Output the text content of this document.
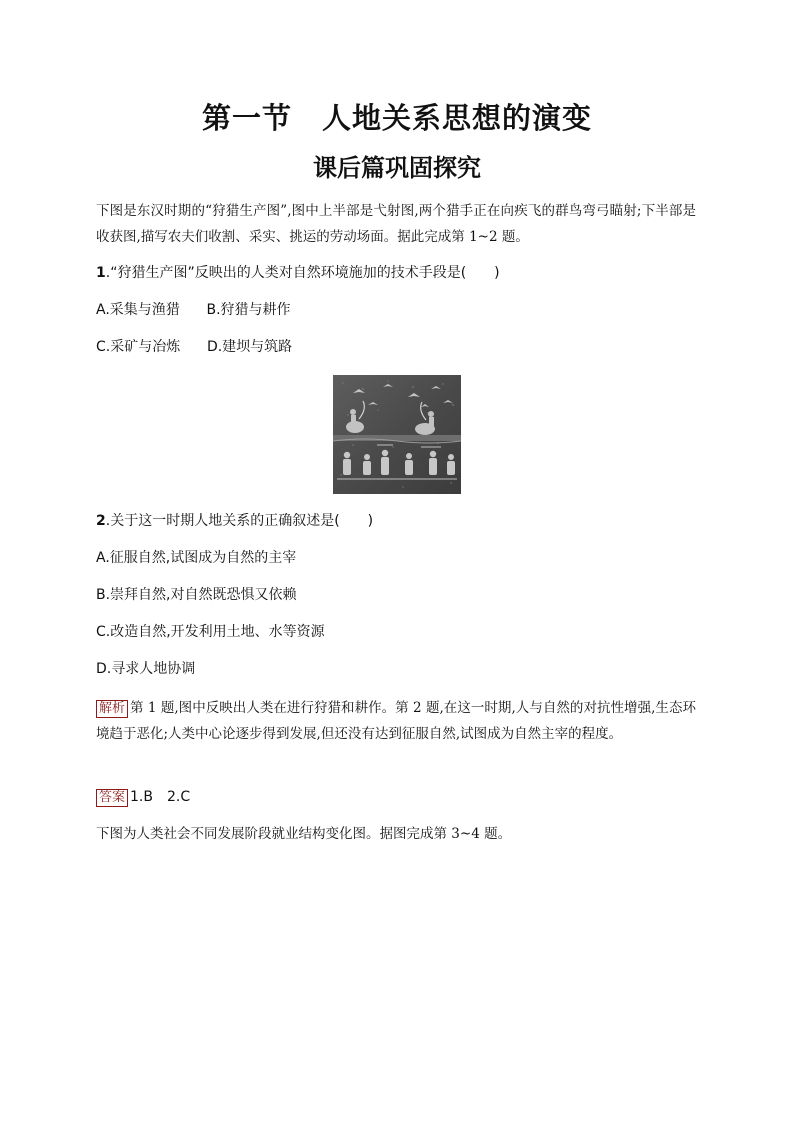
第一节　人地关系思想的演变
课后篇巩固探究
下图是东汉时期的“狩猎生产图”,图中上半部是弋射图,两个猎手正在向疾飞的群鸟弯弓瞄射;下半部是收获图,描写农夫们收割、采实、挑运的劳动场面。据此完成第 1~2 题。
1.“狩猎生产图”反映出的人类对自然环境施加的技术手段是(　　)
A.采集与渔猎 B.狩猎与耕作
C.采矿与冶炼 D.建坝与筑路
2.关于这一时期人地关系的正确叙述是(　　)
A.征服自然,试图成为自然的主宰
B.崇拜自然,对自然既恐惧又依赖
C.改造自然,开发利用土地、水等资源
D.寻求人地协调
解析 第 1 题,图中反映出人类在进行狩猎和耕作。第 2 题,在这一时期,人与自然的对抗性增强,生态环境趋于恶化;人类中心论逐步得到发展,但还没有达到征服自然,试图成为自然主宰的程度。
答案 1.B　2.C
下图为人类社会不同发展阶段就业结构变化图。据图完成第 3~4 题。
